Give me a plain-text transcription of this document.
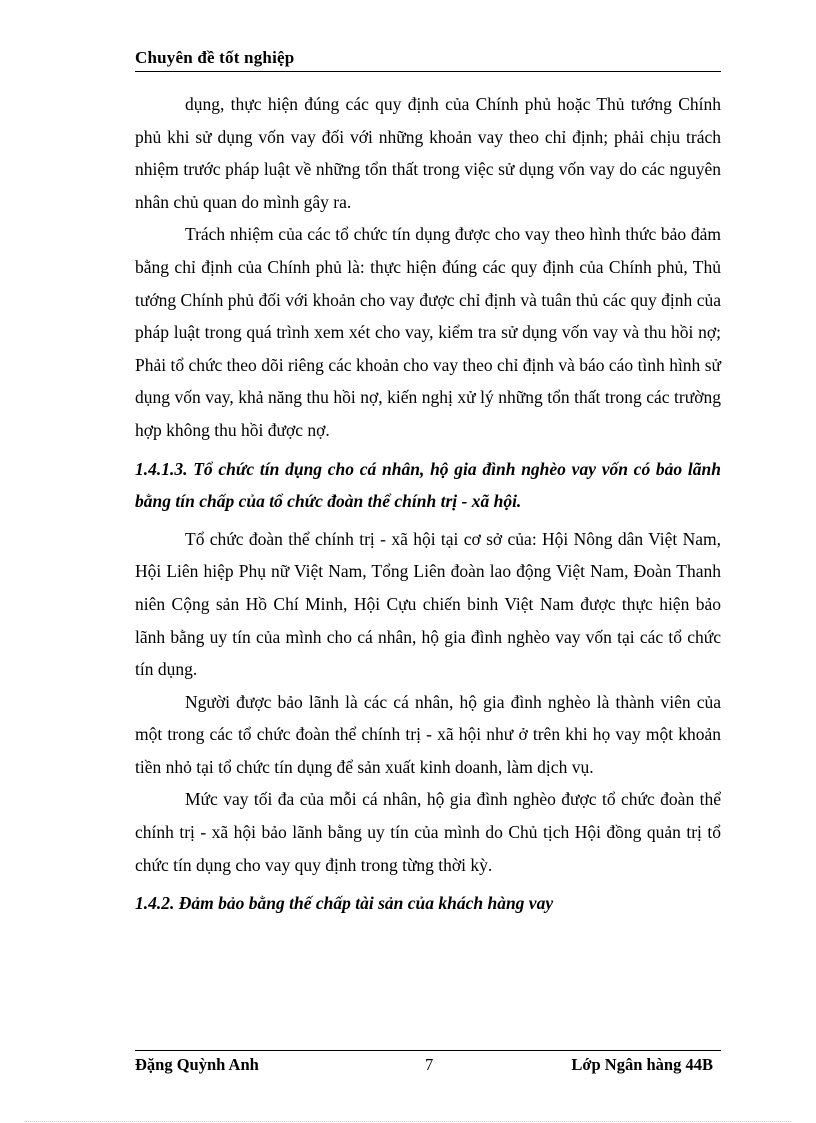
Chuyên đề tốt nghiệp

dụng, thực hiện đúng các quy định của Chính phủ hoặc Thủ tướng Chính phủ khi sử dụng vốn vay đối với những khoản vay theo chỉ định; phải chịu trách nhiệm trước pháp luật về những tổn thất trong việc sử dụng vốn vay do các nguyên nhân chủ quan do mình gây ra.

Trách nhiệm của các tổ chức tín dụng được cho vay theo hình thức bảo đảm bằng chỉ định của Chính phủ là: thực hiện đúng các quy định của Chính phủ, Thủ tướng Chính phủ đối với khoản cho vay được chỉ định và tuân thủ các quy định của pháp luật trong quá trình xem xét cho vay, kiểm tra sử dụng vốn vay và thu hồi nợ; Phải tổ chức theo dõi riêng các khoản cho vay theo chỉ định và báo cáo tình hình sử dụng vốn vay, khả năng thu hồi nợ, kiến nghị xử lý những tổn thất trong các trường hợp không thu hồi được nợ.

1.4.1.3. Tổ chức tín dụng cho cá nhân, hộ gia đình nghèo vay vốn có bảo lãnh bằng tín chấp của tổ chức đoàn thể chính trị - xã hội.

Tổ chức đoàn thể chính trị - xã hội tại cơ sở của: Hội Nông dân Việt Nam, Hội Liên hiệp Phụ nữ Việt Nam, Tổng Liên đoàn lao động Việt Nam, Đoàn Thanh niên Cộng sản Hồ Chí Minh, Hội Cựu chiến binh Việt Nam được thực hiện bảo lãnh bằng uy tín của mình cho cá nhân, hộ gia đình nghèo vay vốn tại các tổ chức tín dụng.

Người được bảo lãnh là các cá nhân, hộ gia đình nghèo là thành viên của một trong các tổ chức đoàn thể chính trị - xã hội như ở trên khi họ vay một khoản tiền nhỏ tại tổ chức tín dụng để sản xuất kinh doanh, làm dịch vụ.

Mức vay tối đa của mỗi cá nhân, hộ gia đình nghèo được tổ chức đoàn thể chính trị - xã hội bảo lãnh bằng uy tín của mình do Chủ tịch Hội đồng quản trị tổ chức tín dụng cho vay quy định trong từng thời kỳ.

1.4.2. Đảm bảo bằng thế chấp tài sản của khách hàng vay
Đặng Quỳnh Anh	7	Lớp Ngân hàng 44B
